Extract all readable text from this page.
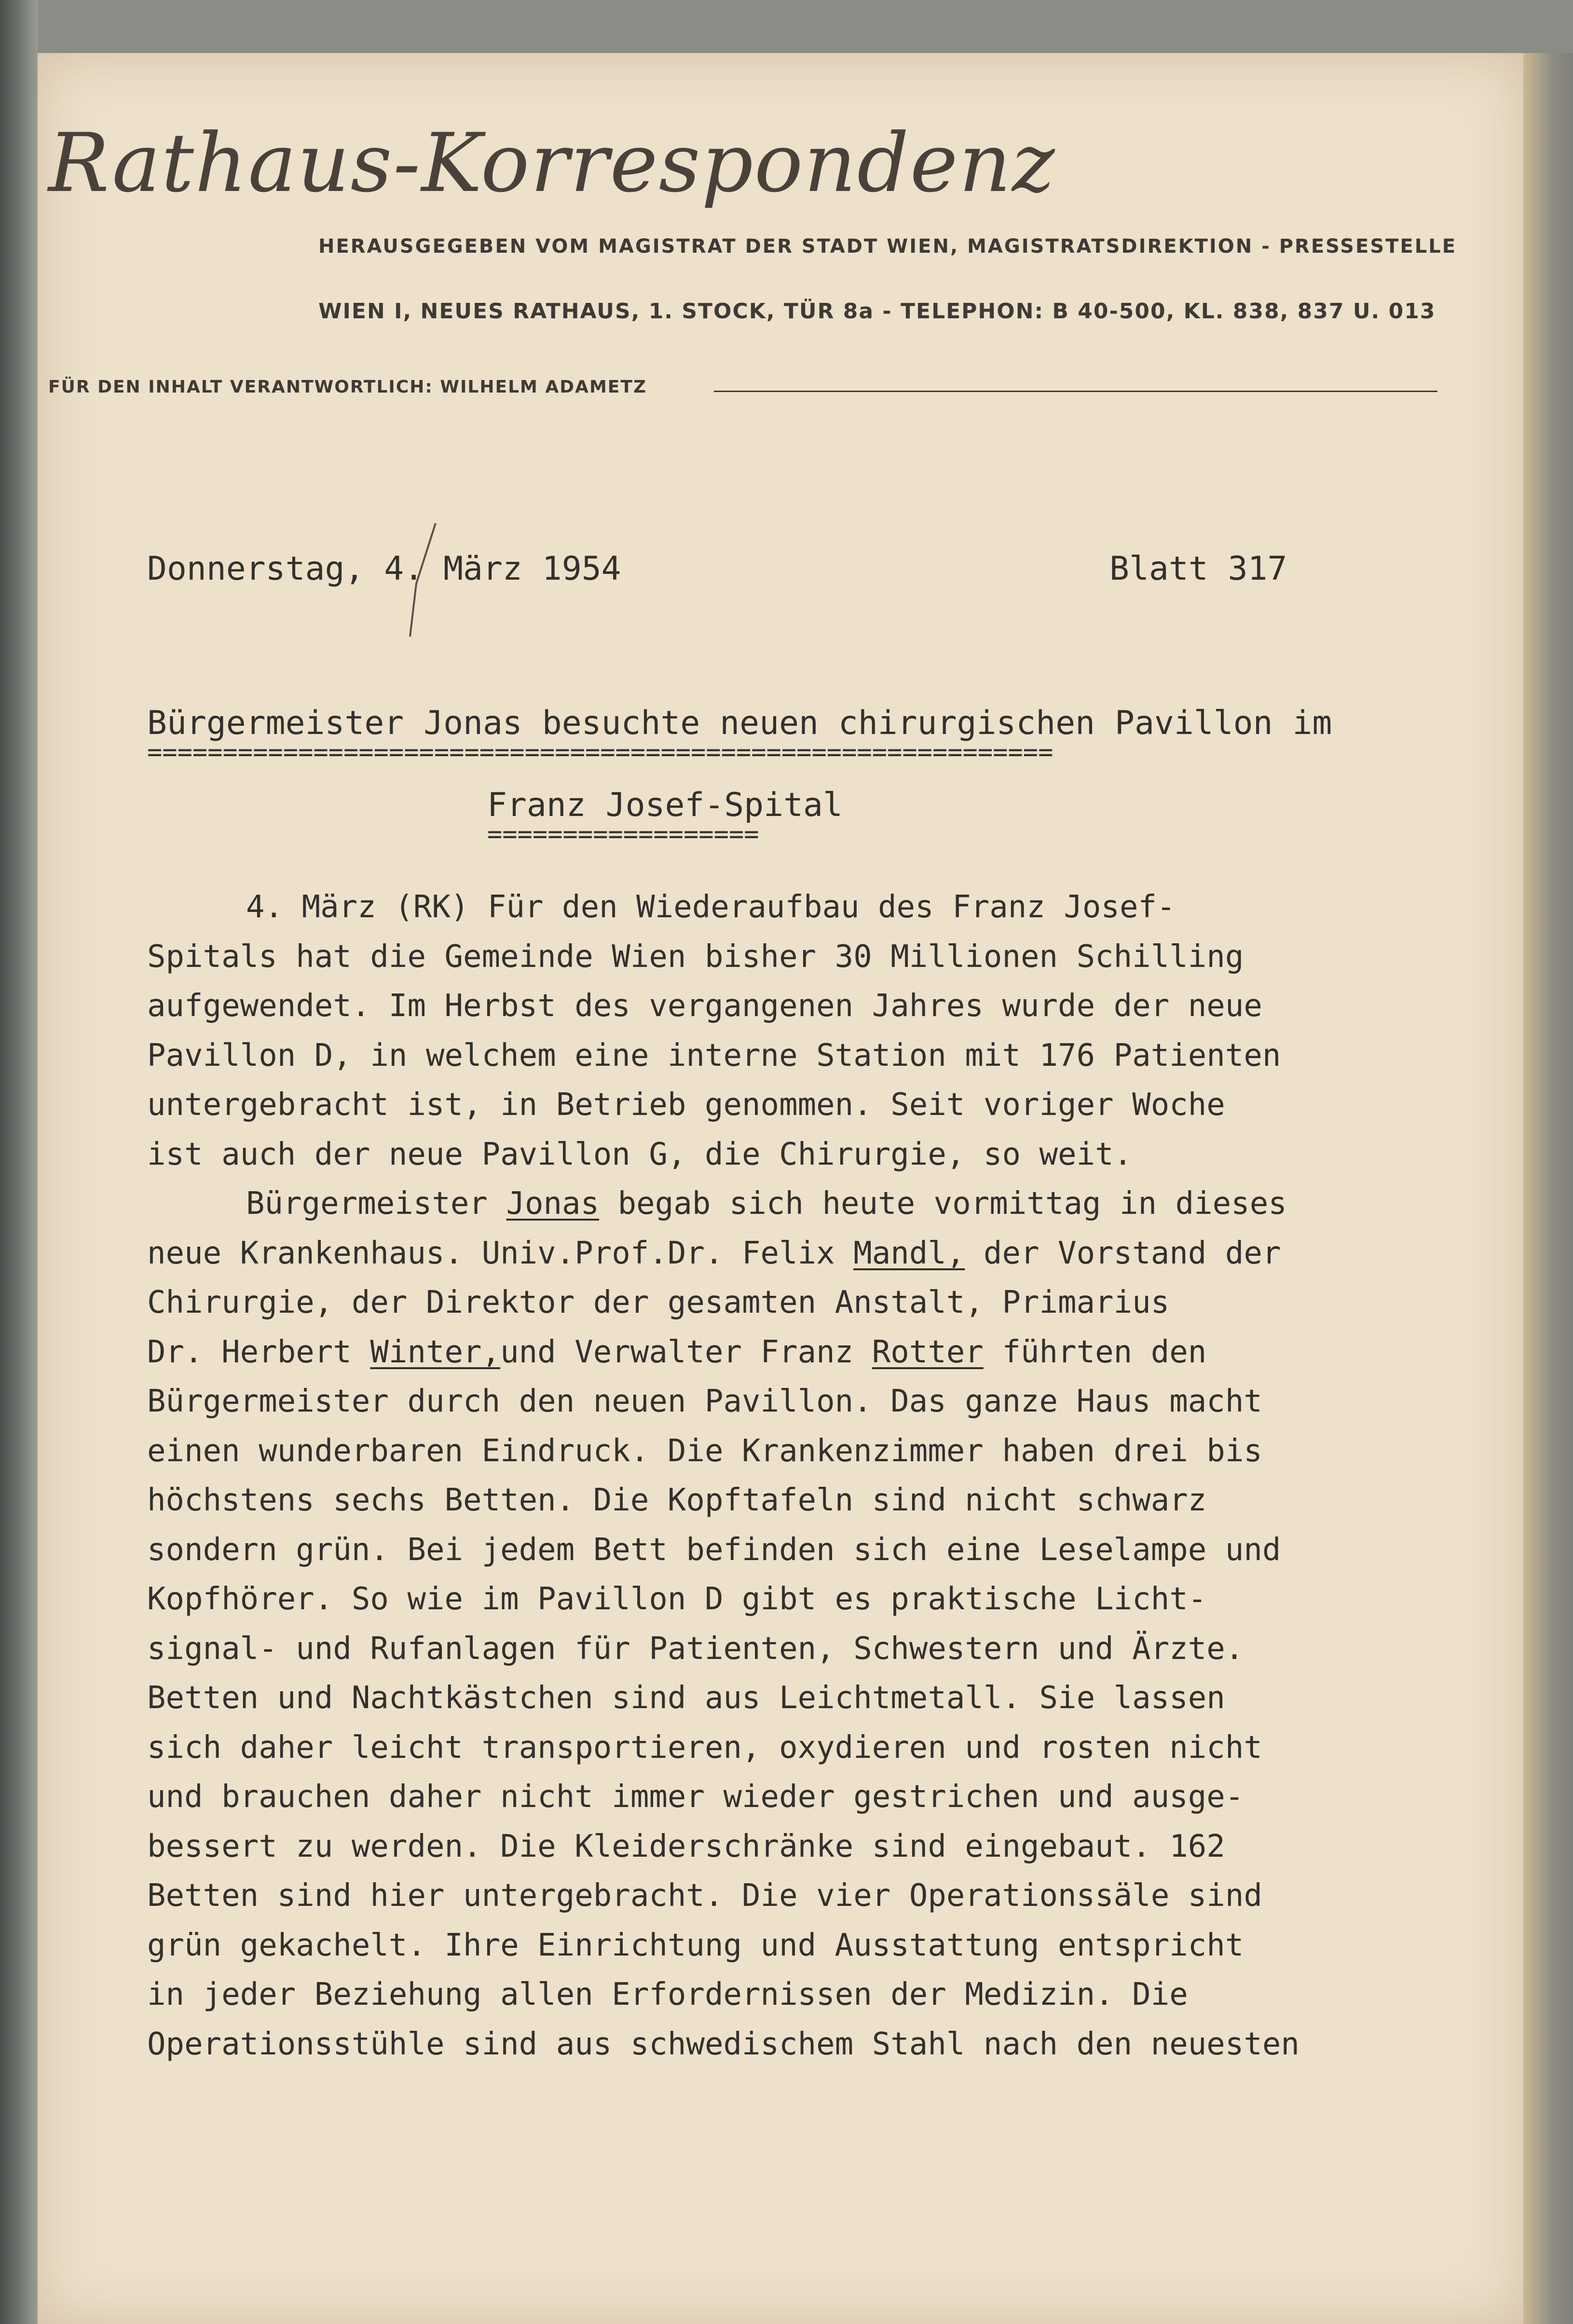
Rathaus-Korrespondenz
HERAUSGEGEBEN VOM MAGISTRAT DER STADT WIEN, MAGISTRATSDIREKTION - PRESSESTELLE
WIEN I, NEUES RATHAUS, 1. STOCK, TÜR 8a - TELEPHON: B 40-500, KL. 838, 837 U. 013
FÜR DEN INHALT VERANTWORTLICH: WILHELM ADAMETZ
Donnerstag, 4. März 1954	Blatt 317
Bürgermeister Jonas besuchte neuen chirurgischen Pavillon im
============================================================
Franz Josef-Spital
==================
4. März (RK) Für den Wiederaufbau des Franz Josef-
Spitals hat die Gemeinde Wien bisher 30 Millionen Schilling
aufgewendet. Im Herbst des vergangenen Jahres wurde der neue
Pavillon D, in welchem eine interne Station mit 176 Patienten
untergebracht ist, in Betrieb genommen. Seit voriger Woche
ist auch der neue Pavillon G, die Chirurgie, so weit.
Bürgermeister Jonas begab sich heute vormittag in dieses
neue Krankenhaus. Univ.Prof.Dr. Felix Mandl, der Vorstand der
Chirurgie, der Direktor der gesamten Anstalt, Primarius
Dr. Herbert Winter,und Verwalter Franz Rotter führten den
Bürgermeister durch den neuen Pavillon. Das ganze Haus macht
einen wunderbaren Eindruck. Die Krankenzimmer haben drei bis
höchstens sechs Betten. Die Kopftafeln sind nicht schwarz
sondern grün. Bei jedem Bett befinden sich eine Leselampe und
Kopfhörer. So wie im Pavillon D gibt es praktische Licht-
signal- und Rufanlagen für Patienten, Schwestern und Ärzte.
Betten und Nachtkästchen sind aus Leichtmetall. Sie lassen
sich daher leicht transportieren, oxydieren und rosten nicht
und brauchen daher nicht immer wieder gestrichen und ausge-
bessert zu werden. Die Kleiderschränke sind eingebaut. 162
Betten sind hier untergebracht. Die vier Operationssäle sind
grün gekachelt. Ihre Einrichtung und Ausstattung entspricht
in jeder Beziehung allen Erfordernissen der Medizin. Die
Operationsstühle sind aus schwedischem Stahl nach den neuesten
